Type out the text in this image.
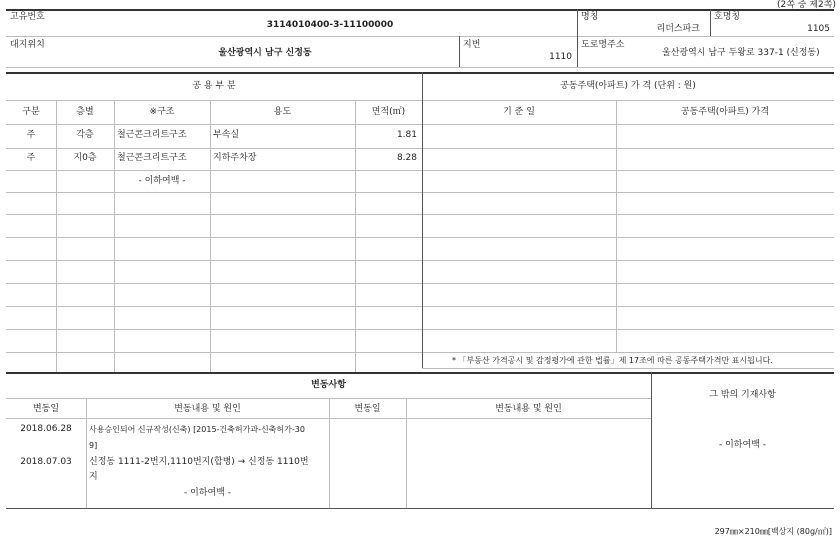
(2쪽 중 제2쪽)
고유번호
3114010400-3-11100000
명칭
리더스파크
호명칭
1105
대지위치
울산광역시 남구 신정동
지번
1110
도로명주소
울산광역시 남구 두왕로 337-1 (신정동)
공 용 부 분	공동주택(아파트) 가 격 (단위 : 원)
구분	층별	※구조	용도	면적(㎡)	기 준 일	공동주택(아파트) 가격
주	각층	철근콘크리트구조	부속실	1.81
주	지0층	철근콘크리트구조	지하주차장	8.28
- 이하여백 -
* 「부동산 가격공시 및 감정평가에 관한 법률」제 17조에 따른 공동주택가격만 표시됩니다.
변동사항
변동일	변동내용 및 원인	변동일	변동내용 및 원인
2018.06.28	사용승인되어 신규작성(신축) [2015-건축허가과-신축허가-30
9]
2018.07.03	신정동 1111-2번지,1110번지(합병) → 신정동 1110번
지
- 이하여백 -
그 밖의 기재사항
- 이하여백 -
297㎜×210㎜[백상지 (80g/㎡)]
